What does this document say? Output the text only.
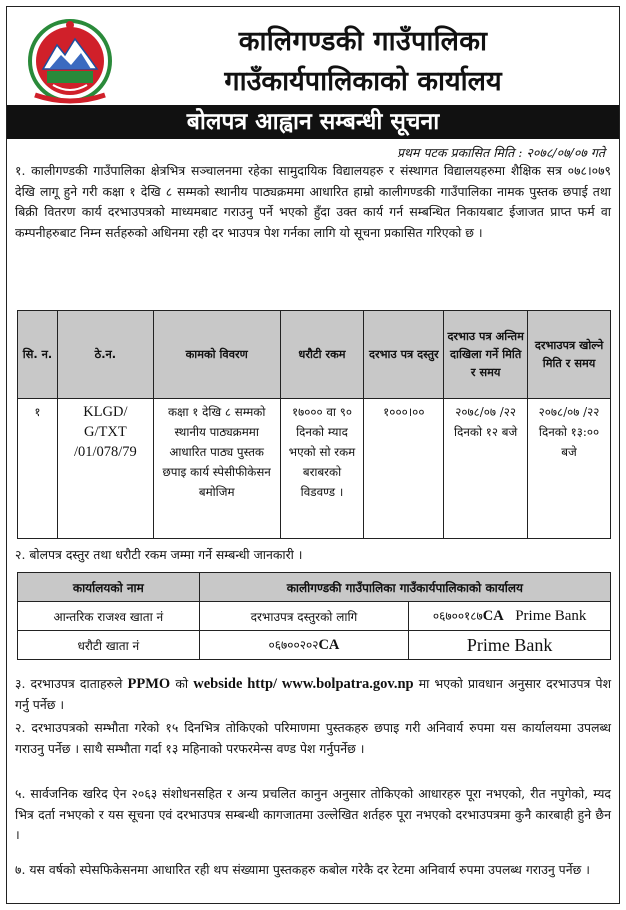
कालिगण्डकी गाउँपालिका
गाउँकार्यपालिकाको कार्यालय
बोलपत्र आह्वान सम्बन्धी सूचना
प्रथम पटक प्रकासित मिति : २०७८/०७/०७ गते
१. कालीगण्डकी गाउँपालिका क्षेत्रभित्र सञ्चालनमा रहेका सामुदायिक विद्यालयहरु र संस्थागत विद्यालयहरुमा शैक्षिक सत्र ०७८।०७९ देखि लागू हुने गरी कक्षा १ देखि ८ सम्मको स्थानीय पाठ्यक्रममा आधारित हाम्रो कालीगण्डकी गाउँपालिका नामक पुस्तक छपाई तथा बिक्री वितरण कार्य दरभाउपत्रको माध्यमबाट गराउनु पर्ने भएको हुँदा उक्त कार्य गर्न सम्बन्धित निकायबाट ईजाजत प्राप्त फर्म वा कम्पनीहरुबाट निम्न सर्तहरुको अधिनमा रही दर भाउपत्र पेश गर्नका लागि यो सूचना प्रकासित गरिएको छ ।
सि. न.	ठे.न.	कामको विवरण	धरौटी रकम	दरभाउ पत्र दस्तुर	दरभाउ पत्र अन्तिम दाखिला गर्ने मिति र समय	दरभाउपत्र खोल्ने मिति र समय
१	KLGD/ G/TXT /01/078/79	कक्षा १ देखि ८ सम्मको स्थानीय पाठ्यक्रममा आधारित पाठ्य पुस्तक छपाइ कार्य स्पेसीफीकेसन बमोजिम	१७००० वा ९० दिनको म्याद भएको सो रकम बराबरको विडवण्ड ।	१०००।००	२०७८/०७ /२२ दिनको १२ बजे	२०७८/०७ /२२ दिनको १३:०० बजे
२. बोलपत्र दस्तुर तथा धरौटी रकम जम्मा गर्ने सम्बन्धी जानकारी ।
कार्यालयको नाम	कालीगण्डकी गाउँपालिका गाउँकार्यपालिकाको कार्यालय	
आन्तरिक राजश्व खाता नं	दरभाउपत्र दस्तुरको लागि	०६७००१८७CA Prime Bank
धरौटी खाता नं	०६७००२०२CA	Prime Bank
३. दरभाउपत्र दाताहरुले PPMO को webside http/ www.bolpatra.gov.np मा भएको प्रावधान अनुसार दरभाउपत्र पेश गर्नु पर्नेछ ।
२. दरभाउपत्रको सम्भौता गरेको १५ दिनभित्र तोकिएको परिमाणमा पुस्तकहरु छपाइ गरी अनिवार्य रुपमा यस कार्यालयमा उपलब्ध गराउनु पर्नेछ । साथै सम्भौता गर्दा १३ महिनाको परफरमेन्स वण्ड पेश गर्नुपर्नेछ ।
५. सार्वजनिक खरिद ऐन २०६३ संशोधनसहित र अन्य प्रचलित कानुन अनुसार तोकिएको आधारहरु पूरा नभएको, रीत नपुगेको, म्यद भित्र दर्ता नभएको र यस सूचना एवं दरभाउपत्र सम्बन्धी कागजातमा उल्लेखित शर्तहरु पूरा नभएको दरभाउपत्रमा कुनै कारबाही हुने छैन ।
७. यस वर्षको स्पेसफिकेसनमा आधारित रही थप संख्यामा पुस्तकहरु कबोल गरेकै दर रेटमा अनिवार्य रुपमा उपलब्ध गराउनु पर्नेछ ।
